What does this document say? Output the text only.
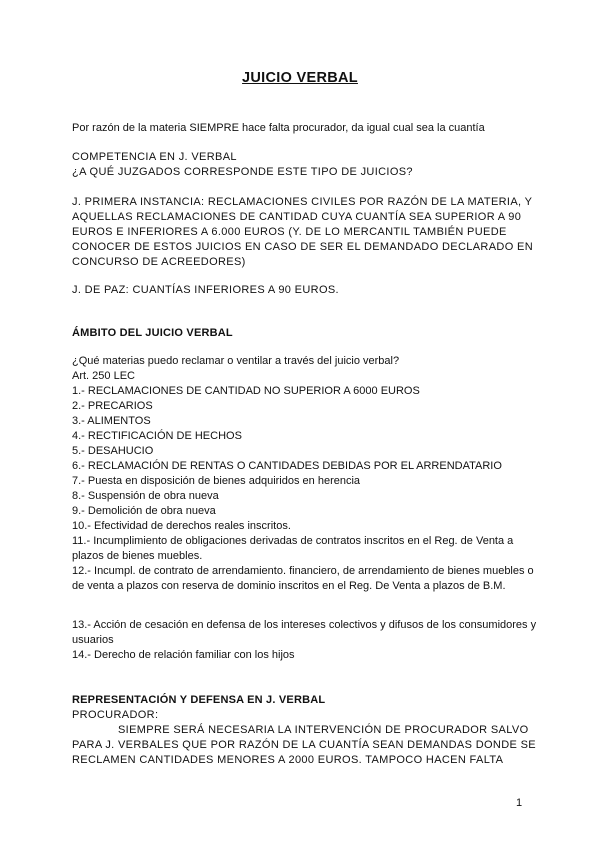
JUICIO VERBAL
Por razón de la materia SIEMPRE hace falta procurador, da igual cual sea la cuantía
COMPETENCIA EN J. VERBAL
¿A QUÉ JUZGADOS CORRESPONDE ESTE TIPO DE JUICIOS?
J. PRIMERA INSTANCIA: RECLAMACIONES CIVILES POR RAZÓN DE LA MATERIA, Y
AQUELLAS RECLAMACIONES DE CANTIDAD CUYA CUANTÍA SEA SUPERIOR A 90
EUROS E INFERIORES A 6.000 EUROS (Y. DE LO MERCANTIL TAMBIÉN PUEDE
CONOCER DE ESTOS JUICIOS EN CASO DE SER EL DEMANDADO DECLARADO EN
CONCURSO DE ACREEDORES)
J. DE PAZ: CUANTÍAS INFERIORES A 90 EUROS.
ÁMBITO DEL JUICIO VERBAL
¿Qué materias puedo reclamar o ventilar a través del juicio verbal?
Art. 250 LEC
1.- RECLAMACIONES DE CANTIDAD NO SUPERIOR A 6000 EUROS
2.- PRECARIOS
3.- ALIMENTOS
4.- RECTIFICACIÓN DE HECHOS
5.- DESAHUCIO
6.- RECLAMACIÓN DE RENTAS O CANTIDADES DEBIDAS POR EL ARRENDATARIO
7.- Puesta en disposición de bienes adquiridos en herencia
8.- Suspensión de obra nueva
9.- Demolición de obra nueva
10.- Efectividad de derechos reales inscritos.
11.- Incumplimiento de obligaciones derivadas de contratos inscritos en el Reg. de Venta a plazos de bienes muebles.
12.- Incumpl. de contrato de arrendamiento. financiero, de arrendamiento de bienes muebles o de venta a plazos con reserva de dominio inscritos en el Reg. De Venta a plazos de B.M.
13.- Acción de cesación en defensa de los intereses colectivos y difusos de los consumidores y usuarios
14.- Derecho de relación familiar con los hijos
REPRESENTACIÓN Y DEFENSA EN J. VERBAL
PROCURADOR:
SIEMPRE SERÁ NECESARIA LA INTERVENCIÓN DE PROCURADOR SALVO
PARA J. VERBALES QUE POR RAZÓN DE LA CUANTÍA SEAN DEMANDAS DONDE SE
RECLAMEN CANTIDADES MENORES A 2000 EUROS. TAMPOCO HACEN FALTA
1
